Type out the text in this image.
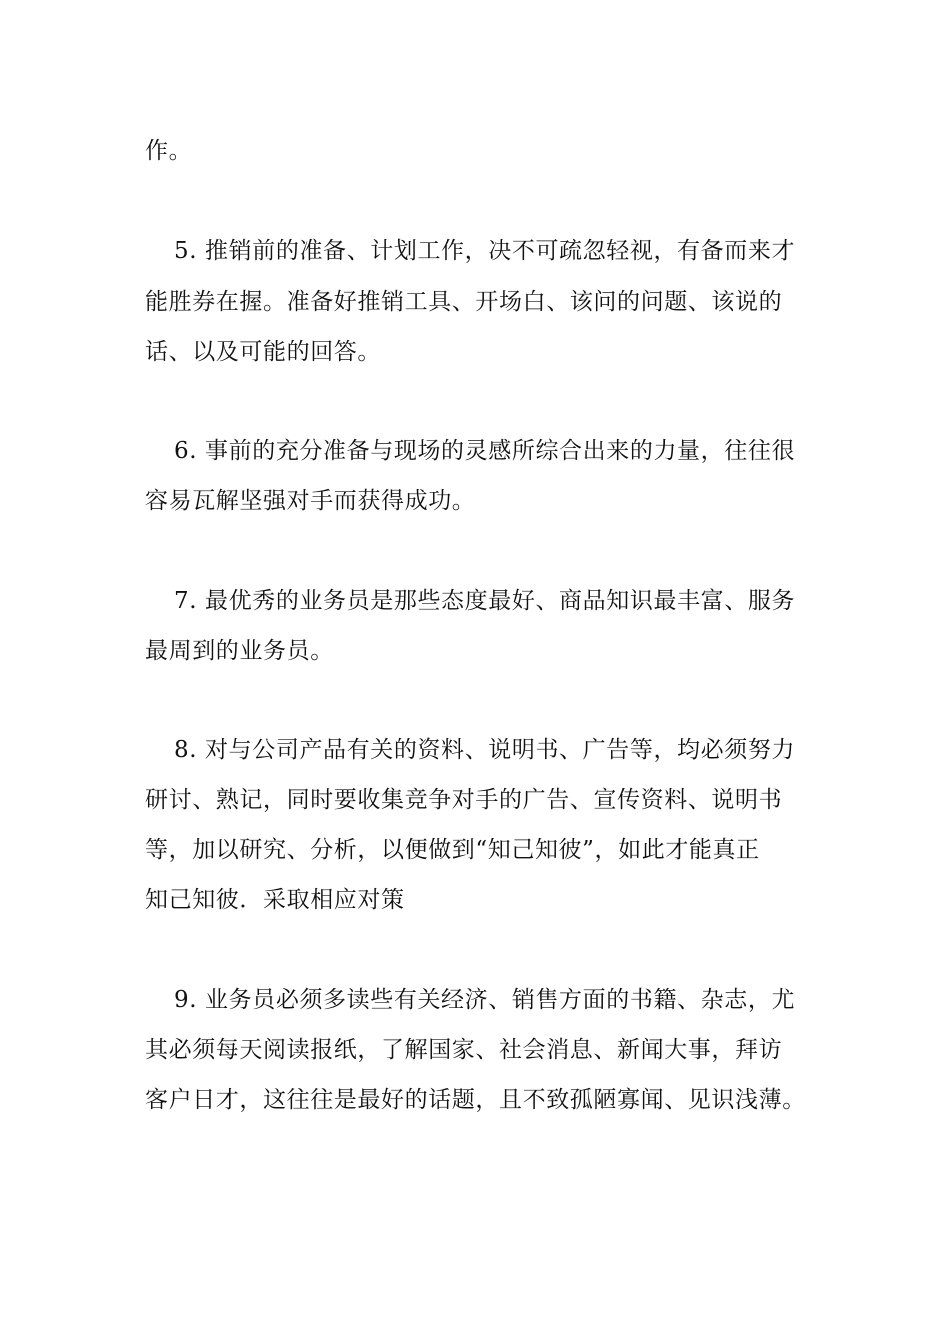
作。
5. 推销前的准备、计划工作，决不可疏忽轻视，有备而来才
能胜券在握。准备好推销工具、开场白、该问的问题、该说的
话、以及可能的回答。
6. 事前的充分准备与现场的灵感所综合出来的力量，往往很
容易瓦解坚强对手而获得成功。
7. 最优秀的业务员是那些态度最好、商品知识最丰富、服务
最周到的业务员。
8. 对与公司产品有关的资料、说明书、广告等，均必须努力
研讨、熟记，同时要收集竞争对手的广告、宣传资料、说明书
等，加以研究、分析，以便做到“知己知彼”，如此才能真正
知己知彼．采取相应对策
9. 业务员必须多读些有关经济、销售方面的书籍、杂志，尤
其必须每天阅读报纸，了解国家、社会消息、新闻大事，拜访
客户日才，这往往是最好的话题，且不致孤陋寡闻、见识浅薄。
